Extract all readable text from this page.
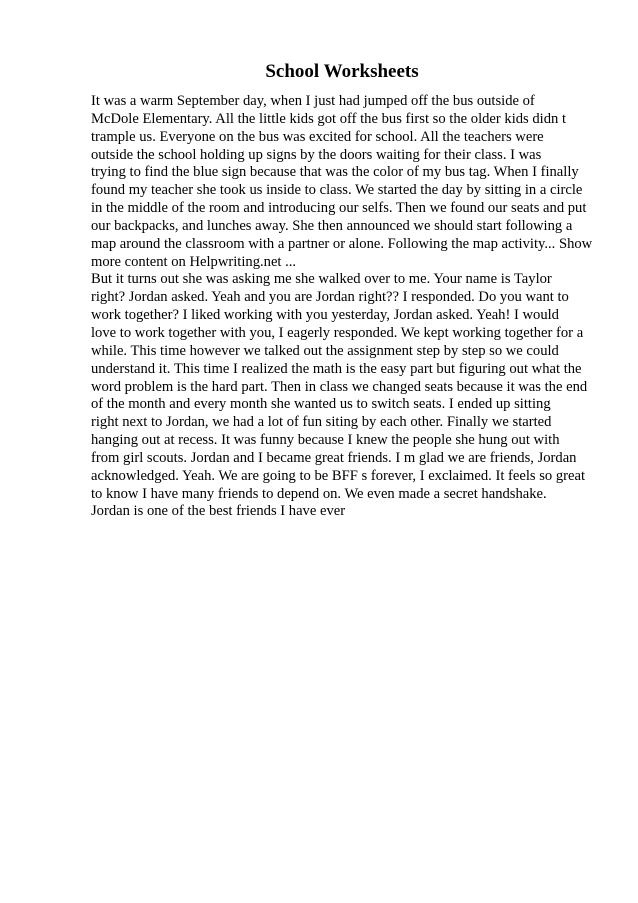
School Worksheets
It was a warm September day, when I just had jumped off the bus outside of
McDole Elementary. All the little kids got off the bus first so the older kids didn t
trample us. Everyone on the bus was excited for school. All the teachers were
outside the school holding up signs by the doors waiting for their class. I was
trying to find the blue sign because that was the color of my bus tag. When I finally
found my teacher she took us inside to class. We started the day by sitting in a circle
in the middle of the room and introducing our selfs. Then we found our seats and put
our backpacks, and lunches away. She then announced we should start following a
map around the classroom with a partner or alone. Following the map activity... Show
more content on Helpwriting.net ...
But it turns out she was asking me she walked over to me. Your name is Taylor
right? Jordan asked. Yeah and you are Jordan right?? I responded. Do you want to
work together? I liked working with you yesterday, Jordan asked. Yeah! I would
love to work together with you, I eagerly responded. We kept working together for a
while. This time however we talked out the assignment step by step so we could
understand it. This time I realized the math is the easy part but figuring out what the
word problem is the hard part. Then in class we changed seats because it was the end
of the month and every month she wanted us to switch seats. I ended up sitting
right next to Jordan, we had a lot of fun siting by each other. Finally we started
hanging out at recess. It was funny because I knew the people she hung out with
from girl scouts. Jordan and I became great friends. I m glad we are friends, Jordan
acknowledged. Yeah. We are going to be BFF s forever, I exclaimed. It feels so great
to know I have many friends to depend on. We even made a secret handshake.
Jordan is one of the best friends I have ever
